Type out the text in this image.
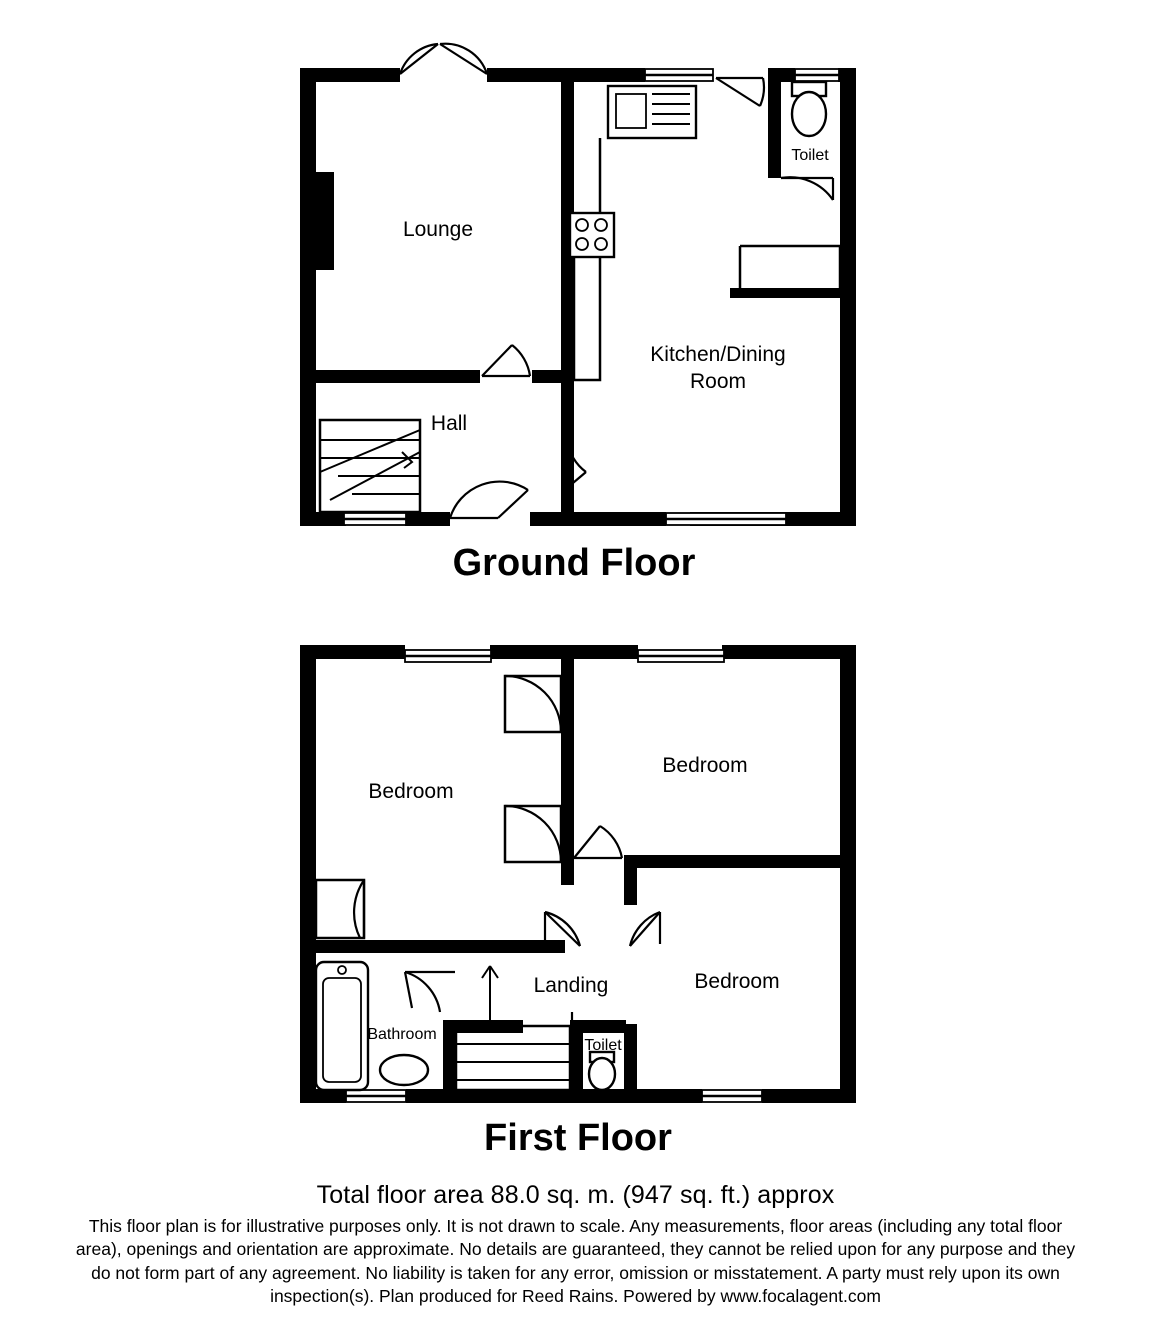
Lounge
Kitchen/Dining
Room
Hall
Toilet
Ground Floor
Bedroom
Bedroom
Bedroom
Landing
Bathroom
Toilet
First Floor
Total floor area 88.0 sq. m. (947 sq. ft.) approx
This floor plan is for illustrative purposes only. It is not drawn to scale. Any measurements, floor areas (including any total floor
area), openings and orientation are approximate. No details are guaranteed, they cannot be relied upon for any purpose and they
do not form part of any agreement. No liability is taken for any error, omission or misstatement. A party must rely upon its own
inspection(s). Plan produced for Reed Rains. Powered by www.focalagent.com
